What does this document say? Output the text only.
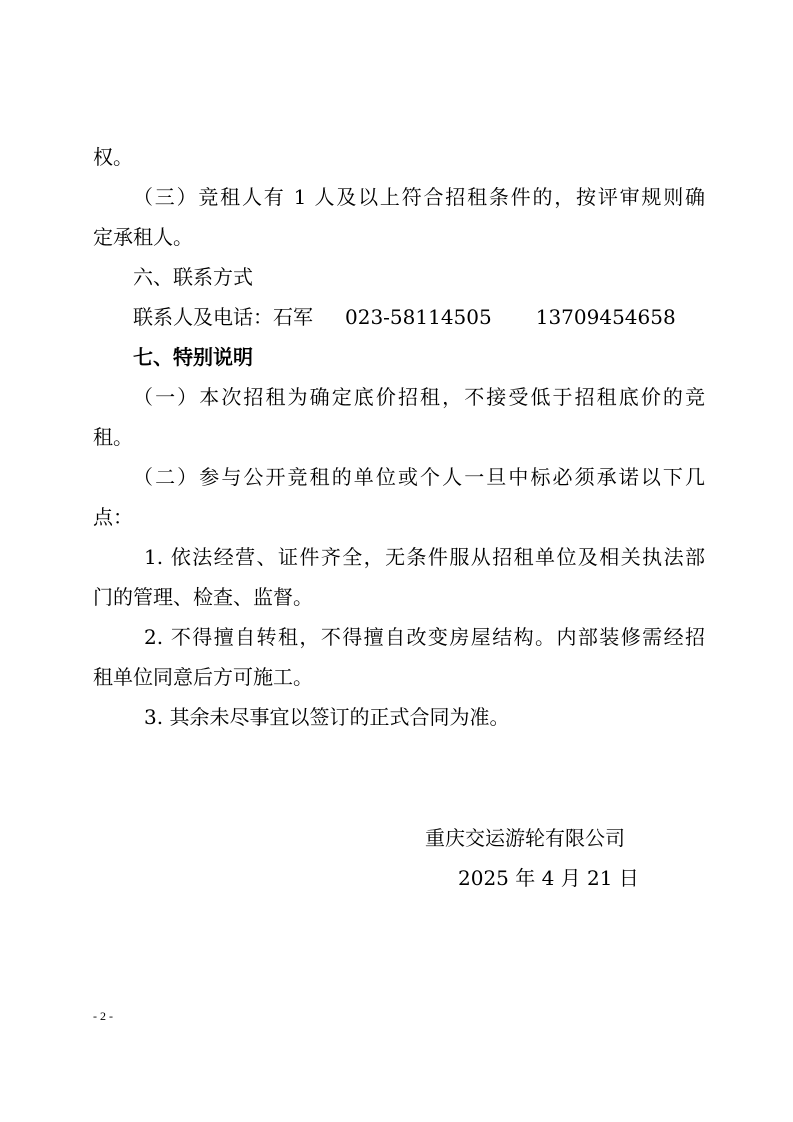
权。
（三）竞租人有 1 人及以上符合招租条件的，按评审规则确
定承租人。
六、联系方式
联系人及电话：石军 023-58114505 13709454658
七、特别说明
（一）本次招租为确定底价招租，不接受低于招租底价的竞
租。
（二）参与公开竞租的单位或个人一旦中标必须承诺以下几
点：
1. 依法经营、证件齐全，无条件服从招租单位及相关执法部
门的管理、检查、监督。
2. 不得擅自转租，不得擅自改变房屋结构。内部装修需经招
租单位同意后方可施工。
3. 其余未尽事宜以签订的正式合同为准。
重庆交运游轮有限公司
2025 年 4 月 21 日
- 2 -
